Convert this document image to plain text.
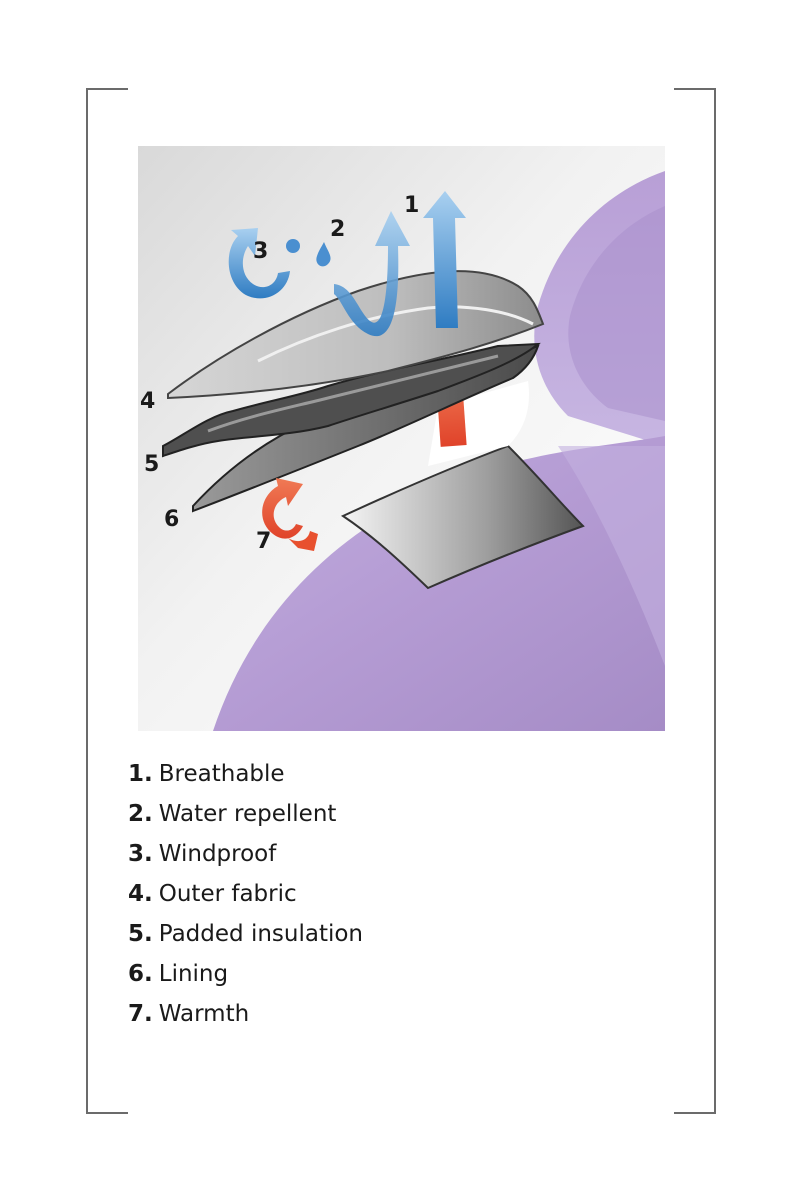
1
2
3
4
5
6
7
1. Breathable
2. Water repellent
3. Windproof
4. Outer fabric
5. Padded insulation
6. Lining
7. Warmth
